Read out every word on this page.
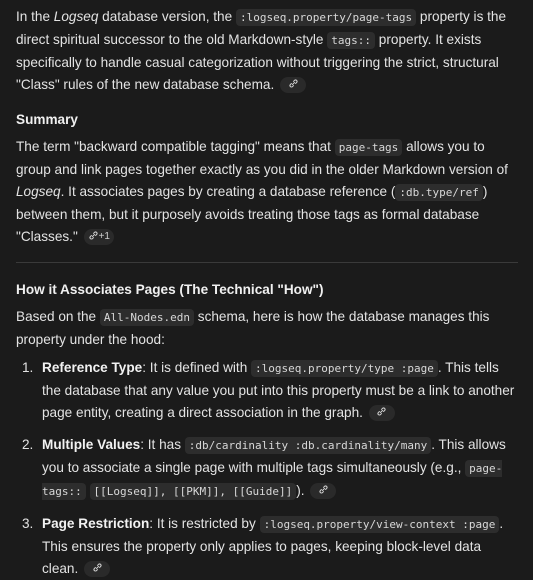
In the Logseq database version, the :logseq.property/page-tags property is the direct spiritual successor to the old Markdown-style tags:: property. It exists specifically to handle casual categorization without triggering the strict, structural "Class" rules of the new database schema.

Summary

The term "backward compatible tagging" means that page-tags allows you to group and link pages together exactly as you did in the older Markdown version of Logseq. It associates pages by creating a database reference ( :db.type/ref ) between them, but it purposely avoids treating those tags as formal database "Classes." +1

How it Associates Pages (The Technical "How")

Based on the All-Nodes.edn schema, here is how the database manages this property under the hood:

1. Reference Type: It is defined with :logseq.property/type :page . This tells the database that any value you put into this property must be a link to another page entity, creating a direct association in the graph.
2. Multiple Values: It has :db/cardinality :db.cardinality/many . This allows you to associate a single page with multiple tags simultaneously (e.g., page-tags:: [[Logseq]], [[PKM]], [[Guide]] ).
3. Page Restriction: It is restricted by :logseq.property/view-context :page . This ensures the property only applies to pages, keeping block-level data clean.
